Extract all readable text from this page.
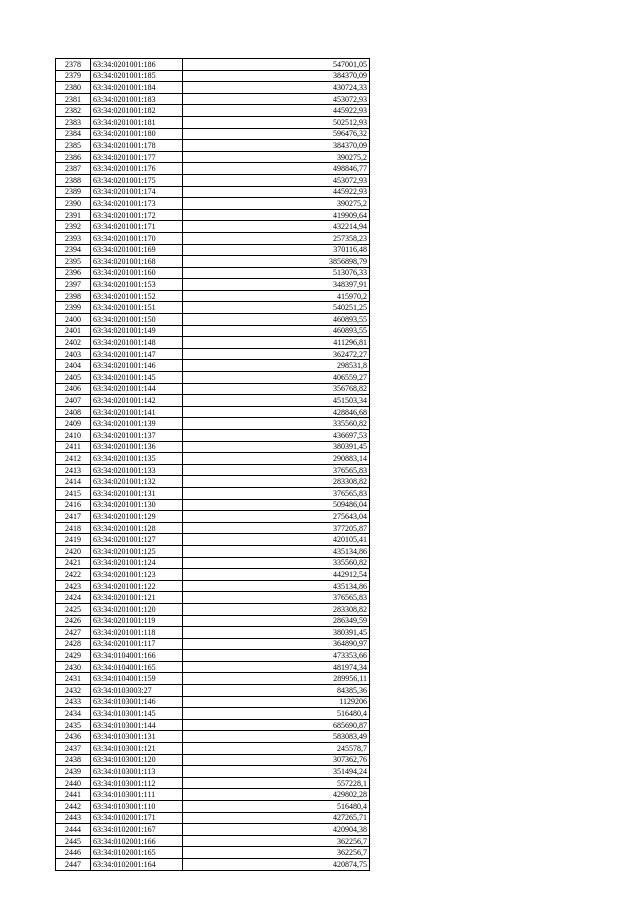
2378	63:34:0201001:186	547001,05
2379	63:34:0201001:185	384370,09
2380	63:34:0201001:184	430724,33
2381	63:34:0201001:183	453072,93
2382	63:34:0201001:182	445922,93
2383	63:34:0201001:181	502512,93
2384	63:34:0201001:180	596476,32
2385	63:34:0201001:178	384370,09
2386	63:34:0201001:177	390275,2
2387	63:34:0201001:176	498846,77
2388	63:34:0201001:175	453072,93
2389	63:34:0201001:174	445922,93
2390	63:34:0201001:173	390275,2
2391	63:34:0201001:172	419909,64
2392	63:34:0201001:171	432214,94
2393	63:34:0201001:170	257358,23
2394	63:34:0201001:169	370116,48
2395	63:34:0201001:168	3856898,79
2396	63:34:0201001:160	513076,33
2397	63:34:0201001:153	348397,91
2398	63:34:0201001:152	415970,2
2399	63:34:0201001:151	540251,25
2400	63:34:0201001:150	460893,55
2401	63:34:0201001:149	460893,55
2402	63:34:0201001:148	411296,81
2403	63:34:0201001:147	362472,27
2404	63:34:0201001:146	298531,8
2405	63:34:0201001:145	406559,27
2406	63:34:0201001:144	356768,82
2407	63:34:0201001:142	451503,34
2408	63:34:0201001:141	428846,68
2409	63:34:0201001:139	335560,82
2410	63:34:0201001:137	436697,53
2411	63:34:0201001:136	380391,45
2412	63:34:0201001:135	290883,14
2413	63:34:0201001:133	376565,83
2414	63:34:0201001:132	283308,82
2415	63:34:0201001:131	376565,83
2416	63:34:0201001:130	509486,04
2417	63:34:0201001:129	275643,04
2418	63:34:0201001:128	377205,87
2419	63:34:0201001:127	420105,41
2420	63:34:0201001:125	435134,86
2421	63:34:0201001:124	335560,82
2422	63:34:0201001:123	442912,54
2423	63:34:0201001:122	435134,86
2424	63:34:0201001:121	376565,83
2425	63:34:0201001:120	283308,82
2426	63:34:0201001:119	286349,59
2427	63:34:0201001:118	380391,45
2428	63:34:0201001:117	364890,97
2429	63:34:0104001:166	473353,66
2430	63:34:0104001:165	481974,34
2431	63:34:0104001:159	289956,11
2432	63:34:0103003:27	84385,36
2433	63:34:0103001:146	1129206
2434	63:34:0103001:145	516480,4
2435	63:34:0103001:144	685690,87
2436	63:34:0103001:131	583083,49
2437	63:34:0103001:121	245578,7
2438	63:34:0103001:120	307362,76
2439	63:34:0103001:113	351494,24
2440	63:34:0103001:112	557228,1
2441	63:34:0103001:111	429802,28
2442	63:34:0103001:110	516480,4
2443	63:34:0102001:171	427265,71
2444	63:34:0102001:167	420904,38
2445	63:34:0102001:166	362256,7
2446	63:34:0102001:165	362256,7
2447	63:34:0102001:164	420874,75
